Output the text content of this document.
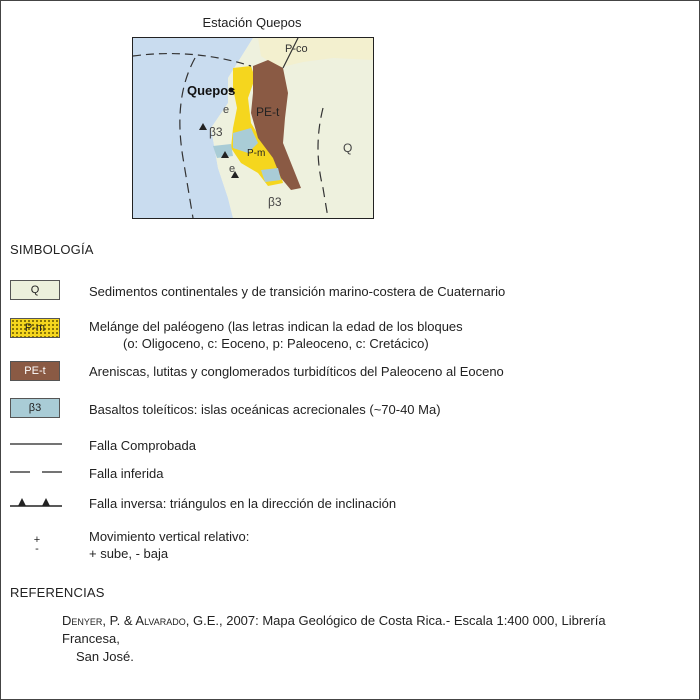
Estación Quepos
Quepos
P-co
PE-t
Q
e
e
β3
β3
P-m
SIMBOLOGÍA
Q	Sedimentos continentales y de transición marino-costera de Cuaternario
P-m	Melánge del paléogeno (las letras indican la edad de los bloques
(o: Oligoceno, c: Eoceno, p: Paleoceno, c: Cretácico)
PE-t	Areniscas, lutitas y conglomerados turbidíticos del Paleoceno al Eoceno
β3	Basaltos toleíticos: islas oceánicas acrecionales (~70-40 Ma)
Falla Comprobada
Falla inferida
Falla inversa: triángulos en la dirección de inclinación
+
-
Movimiento vertical relativo:
+ sube, - baja
REFERENCIAS
Denyer, P. & Alvarado, G.E., 2007: Mapa Geológico de Costa Rica.- Escala 1:400 000, Librería Francesa,
San José.
